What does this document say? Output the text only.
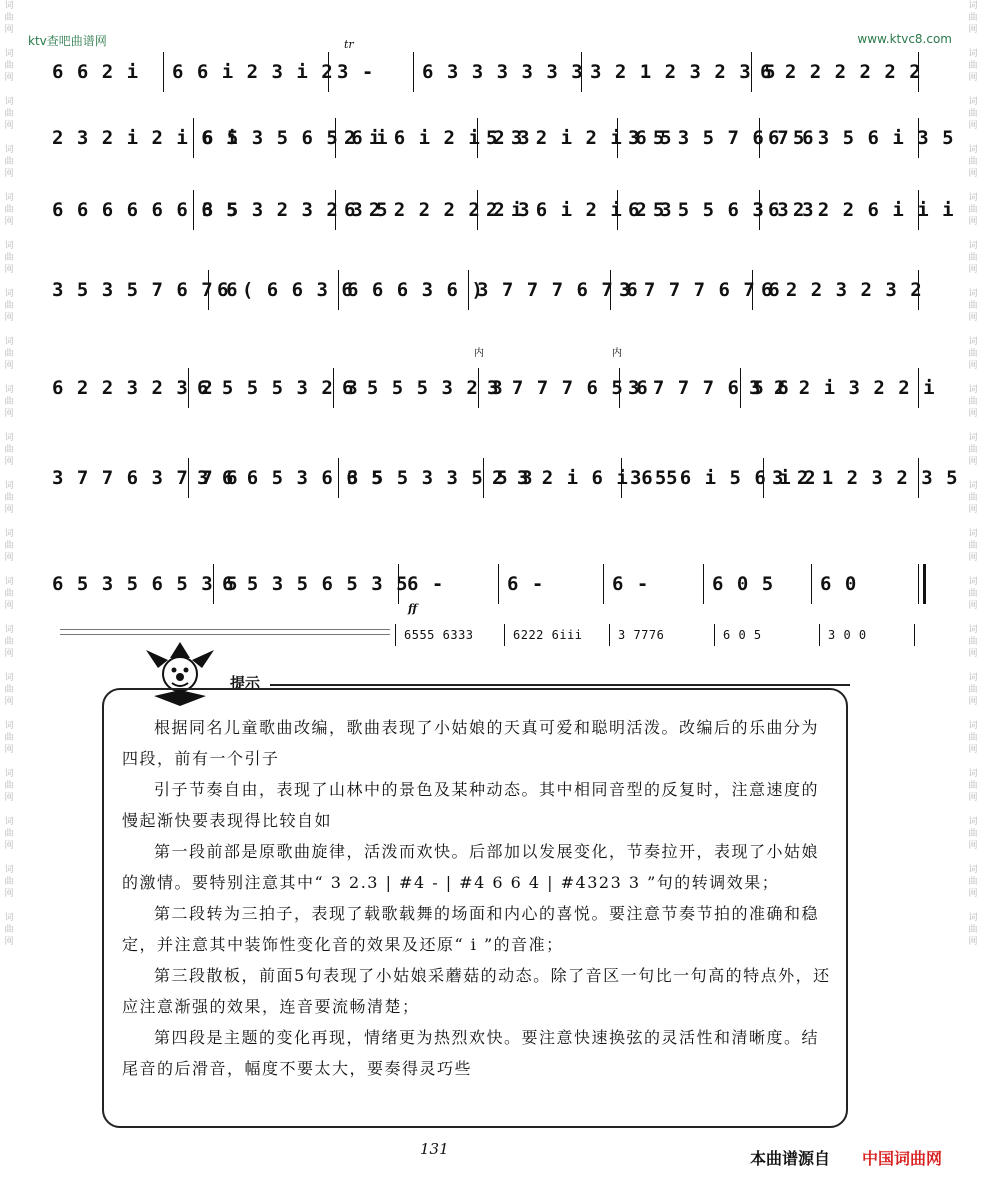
词
曲
网

词
曲
网

词
曲
网

词
曲
网

词
曲
网

词
曲
网

词
曲
网

词
曲
网

词
曲
网

词
曲
网

词
曲
网

词
曲
网

词
曲
网

词
曲
网

词
曲
网

词
曲
网

词
曲
网

词
曲
网

词
曲
网

词
曲
网

词
曲
网

词
曲
网

词
曲
网

词
曲
网

词
曲
网

词
曲
网

词
曲
网

词
曲
网

词
曲
网

词
曲
网

词
曲
网

词
曲
网

词
曲
网

词
曲
网

词
曲
网

词
曲
网

词
曲
网

词
曲
网

词
曲
网

词
曲
网

ktv查吧曲谱网	www.ktvc8.com
tr
内	内
ff
6 6 2 i	6 6 i 2 3 i 2 3 -	6 3 3 3 3 3 3 3 2 1 2 3 2 3 5
6 2 2 2 2 2 2
2 3 2 i 2 i 6 i
6 5 3 5 6 5 6 i
2 i 6 i 2 i 2 3
5 3 2 i 2 i 6 5
3 5 3 5 7 6 7 6
6 5 3 5 6 i 3 5
6 6 6 6 6 6 6 5
3 5 3 2 3 2 3 5
6 2 2 2 2 2 2 3
2 i 6 i 2 i 2 3
6 5 5 5 6 3 3 3
6 2 2 2 6 i i i
3 5 3 5 7 6 7 6
6 ( 6 6 3 6
6 6 6 3 6 )
3 7 7 7 6 7 6
3 7 7 7 6 7 6
6 2 2 3 2 3 2
6 2 2 3 2 3 2
6 5 5 5 3 2 3
6 5 5 5 3 2 3
3 7 7 7 6 5 6
3 7 7 7 6 5 6
3 2 2 i 3 2 2 i
3 7 7 6 3 7 7 6
3 6 6 5 3 6 6 5
3 5 5 3 3 5 5 3
2 3 2 i 6 i 6 5
3 5 6 i 5 6 i 2
3 2 1 2 3 2 3 5
6 5 3 5 6 5 3 5
6 5 3 5 6 5 3 5
6 -	6 -	6 -	6 0 5	6 0
6555 6333	6222 6iii	3 7776	6 0 5	3 0 0
提示

根据同名儿童歌曲改编，歌曲表现了小姑娘的天真可爱和聪明活泼。改编后的乐曲分为四段，前有一个引子

引子节奏自由，表现了山林中的景色及某种动态。其中相同音型的反复时，注意速度的慢起渐快要表现得比较自如

第一段前部是原歌曲旋律，活泼而欢快。后部加以发展变化，节奏拉开，表现了小姑娘的激情。要特别注意其中“ 3 2.3 | #4 - | #4 6 6 4 | #4323 3 ”句的转调效果；

第二段转为三拍子，表现了载歌载舞的场面和内心的喜悦。要注意节奏节拍的准确和稳定，并注意其中装饰性变化音的效果及还原“ i ”的音准；

第三段散板，前面5句表现了小姑娘采蘑菇的动态。除了音区一句比一句高的特点外，还应注意渐强的效果，连音要流畅清楚；

第四段是主题的变化再现，情绪更为热烈欢快。要注意快速换弦的灵活性和清晰度。结尾音的后滑音，幅度不要太大，要奏得灵巧些

131	本曲谱源自 中国词曲网
